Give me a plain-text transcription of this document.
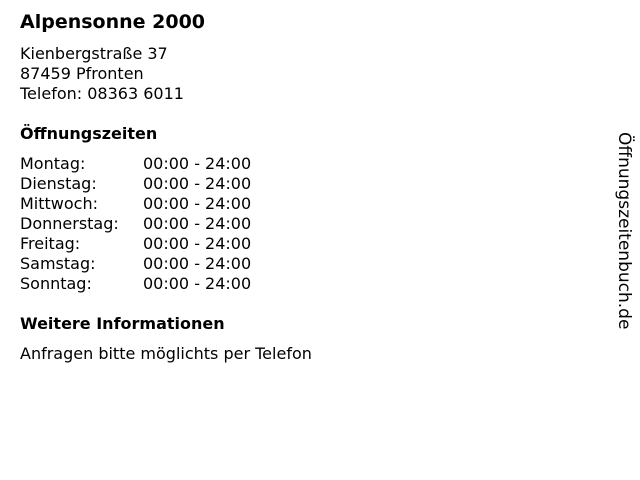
Alpensonne 2000
Kienbergstraße 37
87459 Pfronten
Telefon: 08363 6011
Öffnungszeiten
Montag:	00:00 - 24:00
Dienstag:	00:00 - 24:00
Mittwoch:	00:00 - 24:00
Donnerstag:	00:00 - 24:00
Freitag:	00:00 - 24:00
Samstag:	00:00 - 24:00
Sonntag:	00:00 - 24:00
Weitere Informationen
Anfragen bitte möglichts per Telefon
Öffnungszeitenbuch.de
